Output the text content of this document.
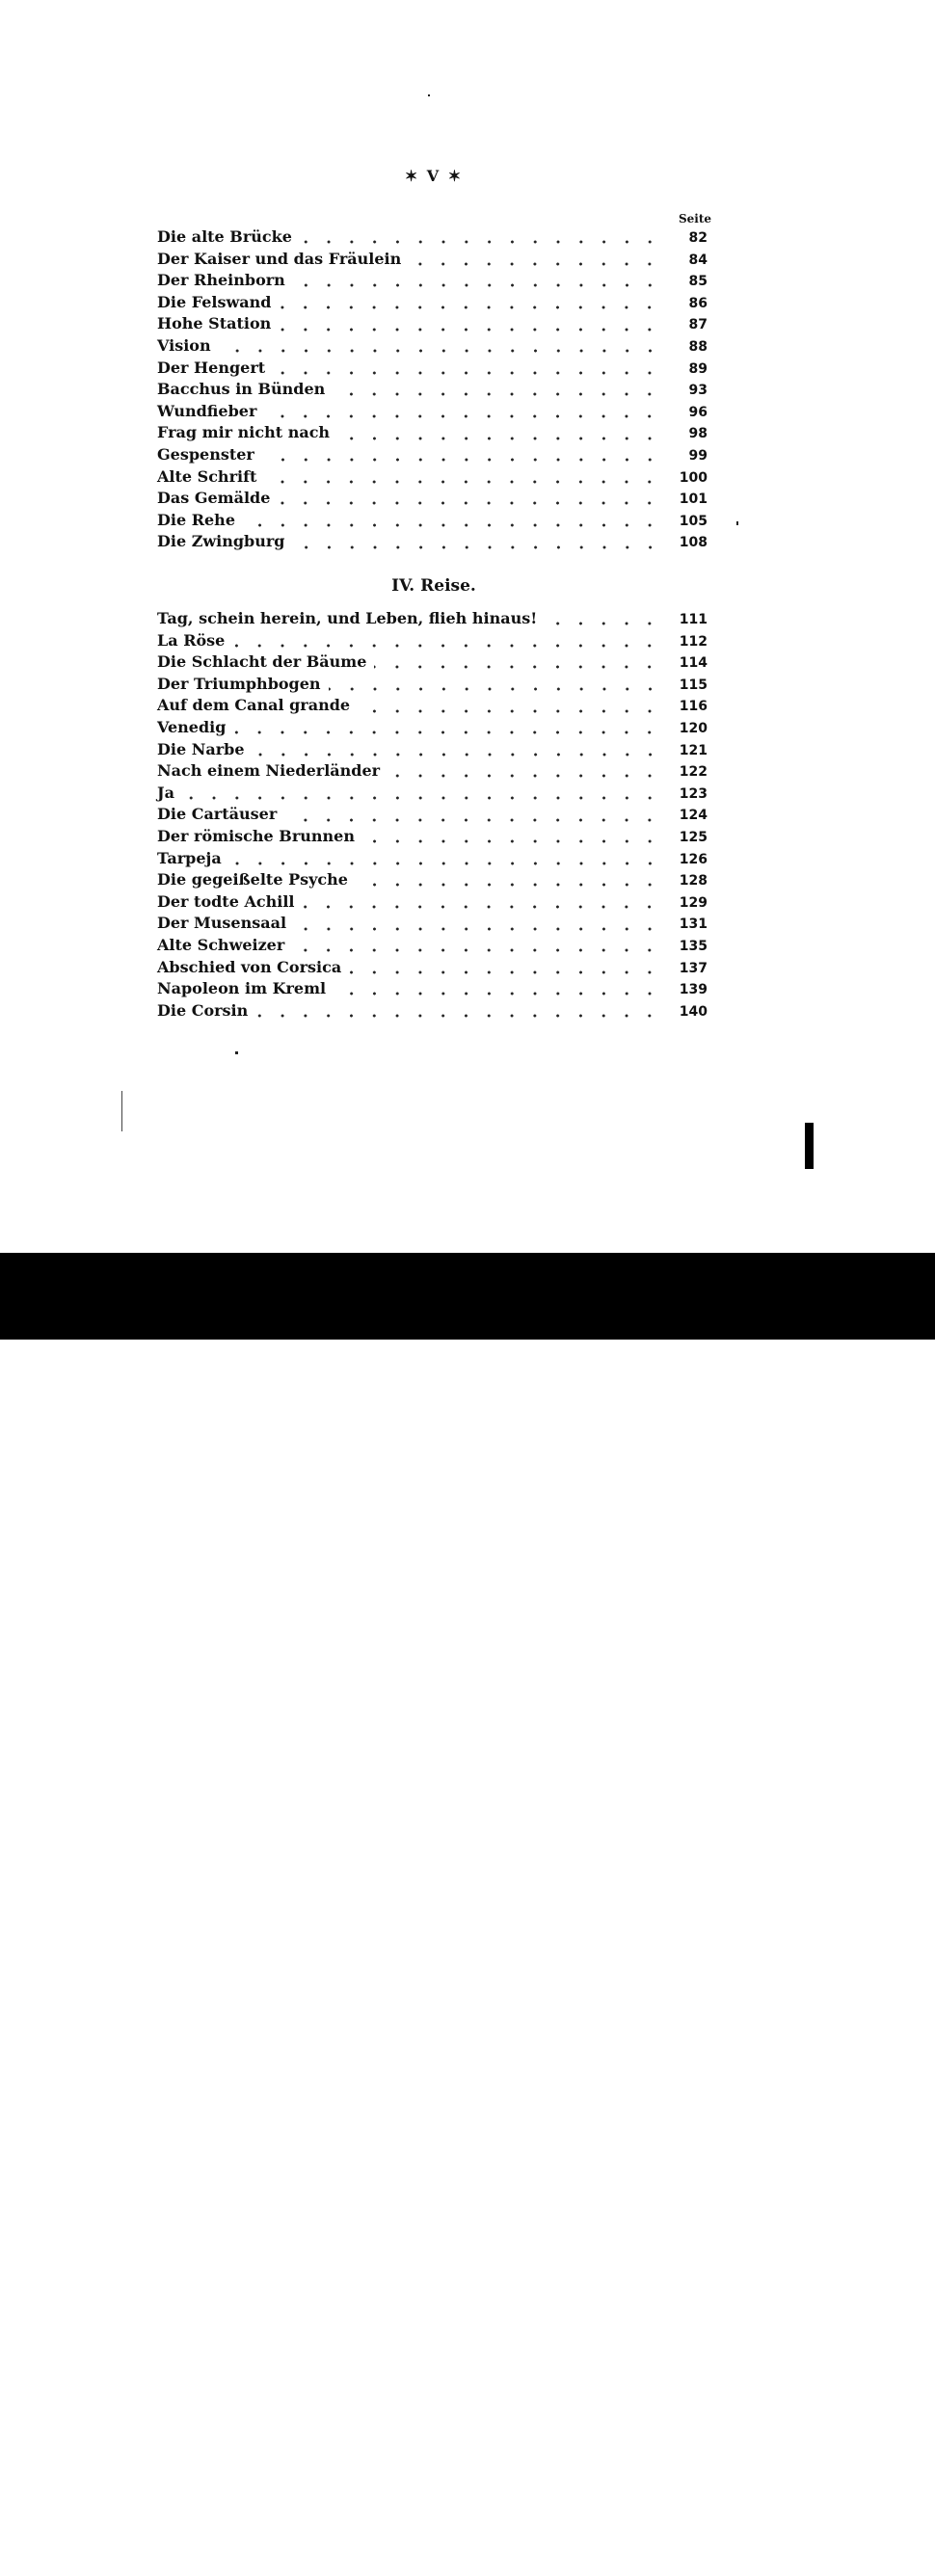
✶ V ✶
Seite
Die alte Brücke	82
Der Kaiser und das Fräulein	84
Der Rheinborn	85
Die Felswand	86
Hohe Station	87
Vision	88
Der Hengert	89
Bacchus in Bünden	93
Wundfieber	96
Frag mir nicht nach	98
Gespenster	99
Alte Schrift	100
Das Gemälde	101
Die Rehe	105
Die Zwingburg	108
IV. Reise.
Tag, schein herein, und Leben, flieh hinaus!	111
La Röse	112
Die Schlacht der Bäume	114
Der Triumphbogen	115
Auf dem Canal grande	116
Venedig	120
Die Narbe	121
Nach einem Niederländer	122
Ja	123
Die Cartäuser	124
Der römische Brunnen	125
Tarpeja	126
Die gegeißelte Psyche	128
Der todte Achill	129
Der Musensaal	131
Alte Schweizer	135
Abschied von Corsica	137
Napoleon im Kreml	139
Die Corsin	140
alamy	JE7HC2
www.alamy.com
